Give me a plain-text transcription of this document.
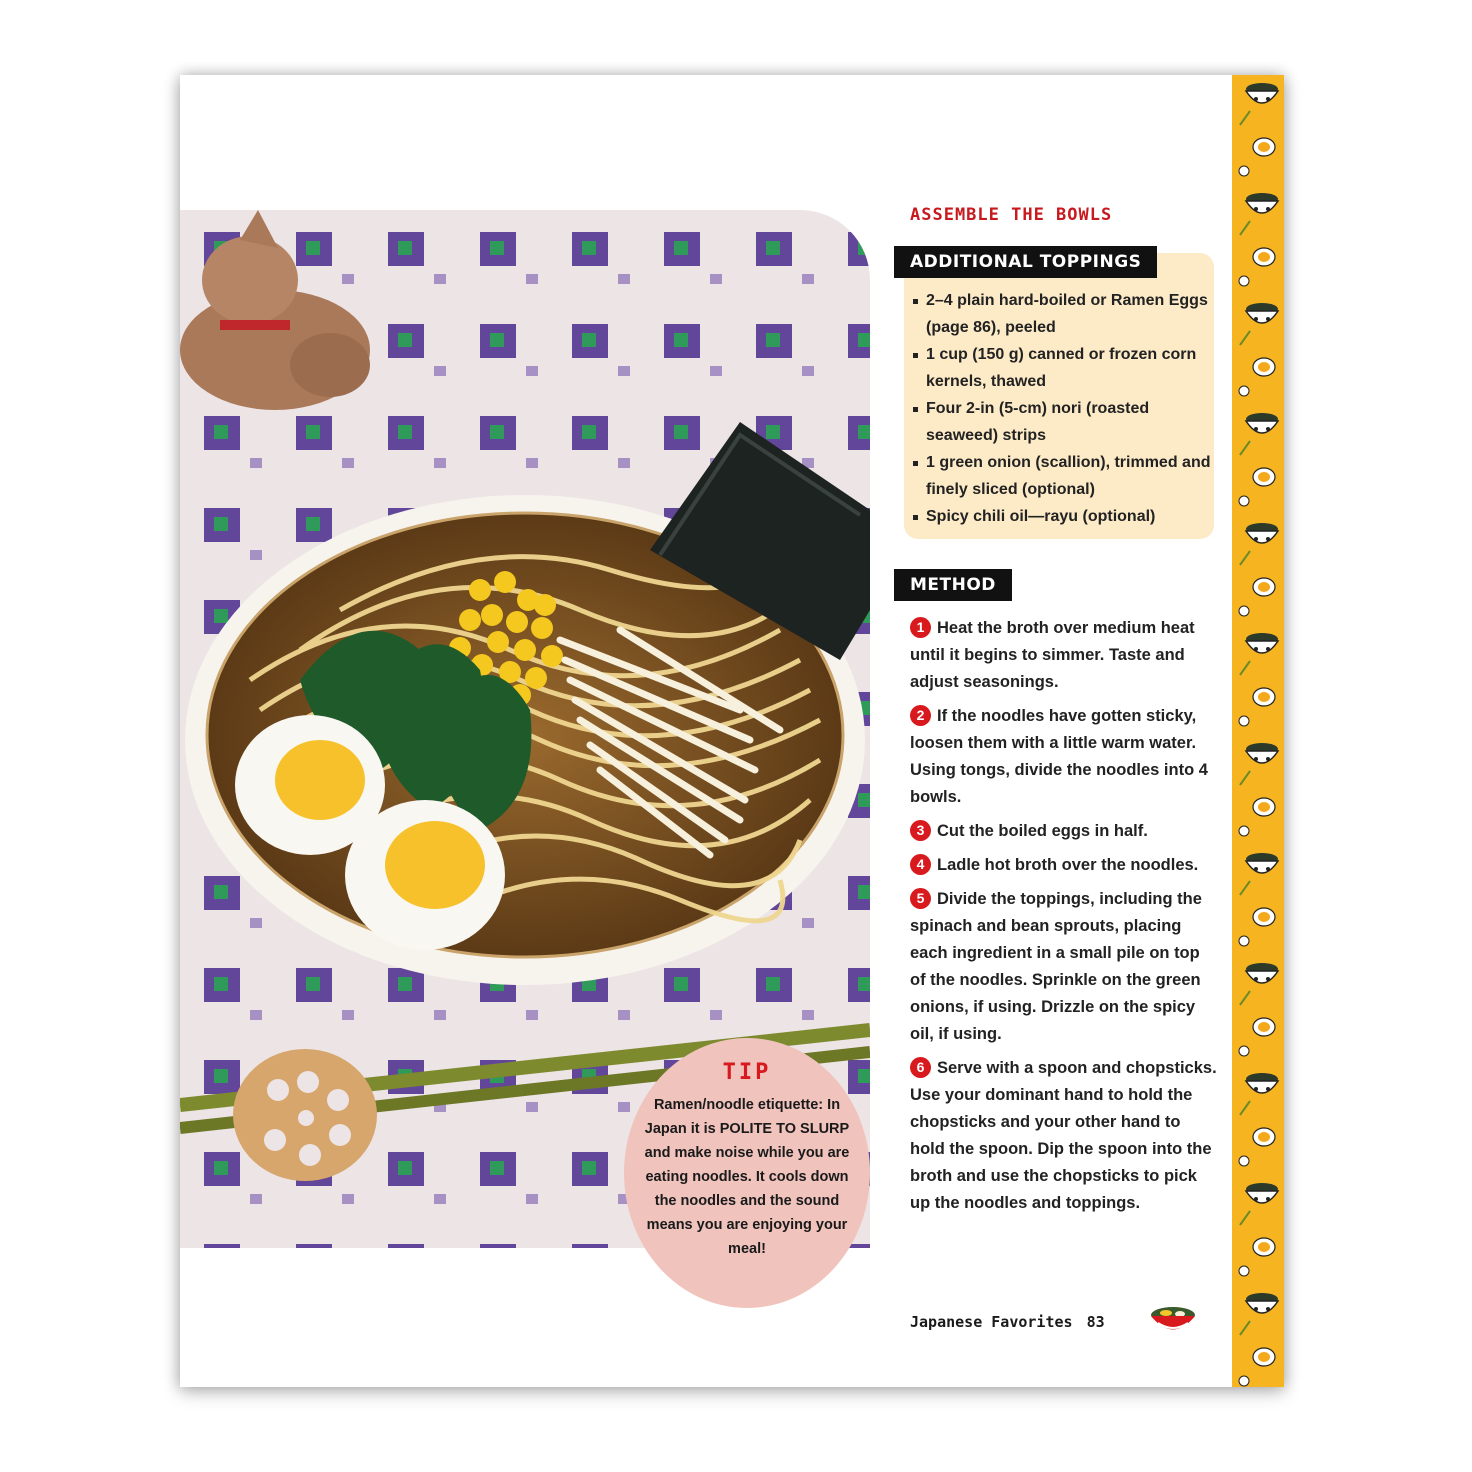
TIP
Ramen/noodle etiquette: In Japan it is POLITE TO SLURP and make noise while you are eating noodles. It cools down the noodles and the sound means you are enjoying your meal!
ASSEMBLE THE BOWLS
ADDITIONAL TOPPINGS
2–4 plain hard-boiled or Ramen Eggs (page 86), peeled
1 cup (150 g) canned or frozen corn kernels, thawed
Four 2-in (5-cm) nori (roasted seaweed) strips
1 green onion (scallion), trimmed and finely sliced (optional)
Spicy chili oil—rayu (optional)
METHOD
1 Heat the broth over medium heat until it begins to simmer. Taste and adjust seasonings.
2 If the noodles have gotten sticky, loosen them with a little warm water. Using tongs, divide the noodles into 4 bowls.
3 Cut the boiled eggs in half.
4 Ladle hot broth over the noodles.
5 Divide the toppings, including the spinach and bean sprouts, placing each ingredient in a small pile on top of the noodles. Sprinkle on the green onions, if using. Drizzle on the spicy oil, if using.
6 Serve with a spoon and chopsticks. Use your dominant hand to hold the chopsticks and your other hand to hold the spoon. Dip the spoon into the broth and use the chopsticks to pick up the noodles and toppings.
Japanese Favorites 83
